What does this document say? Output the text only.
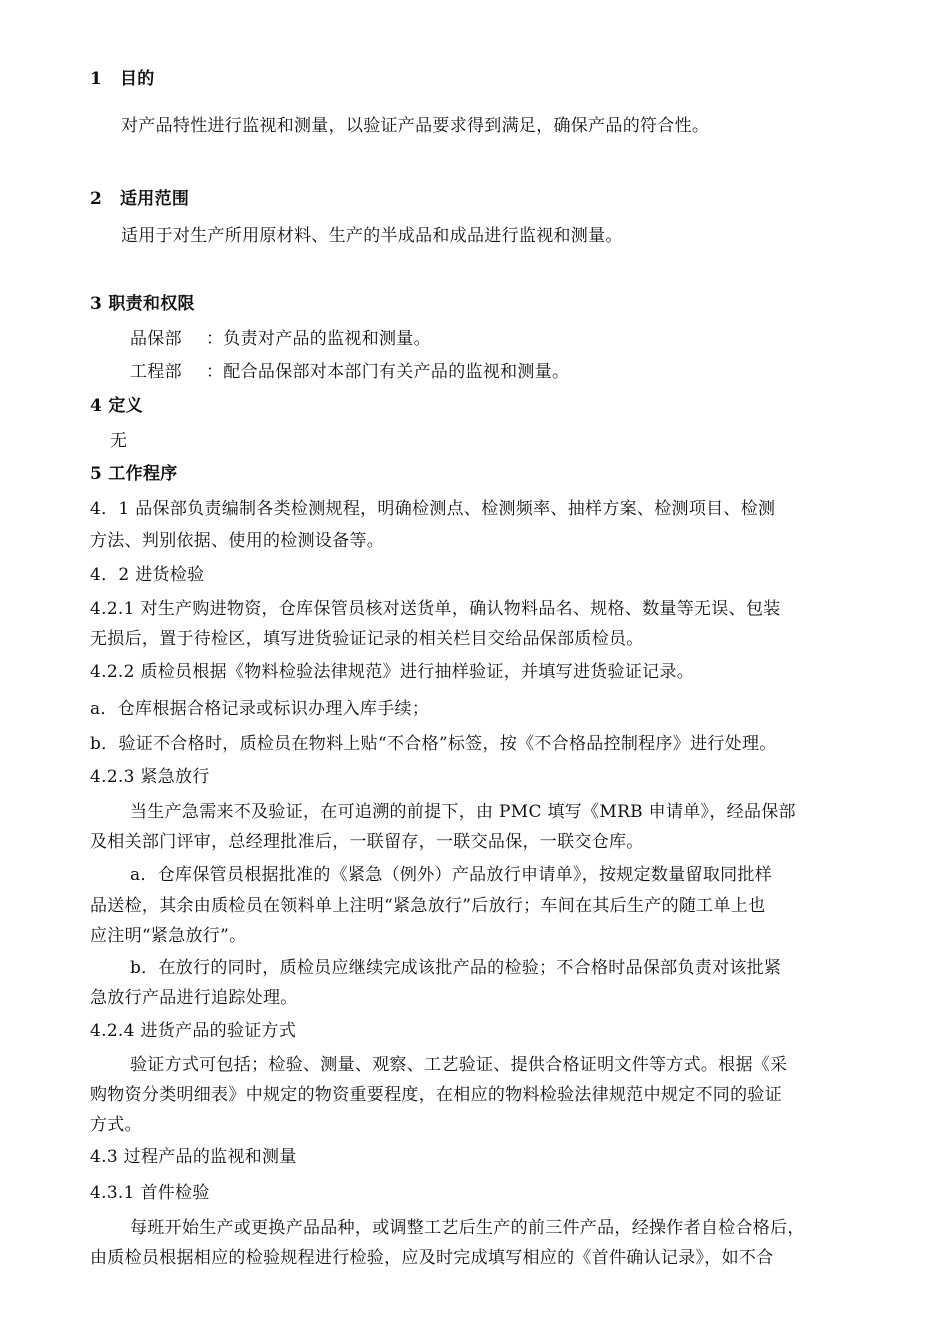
1 目的
对产品特性进行监视和测量，以验证产品要求得到满足，确保产品的符合性。
2 适用范围
适用于对生产所用原材料、生产的半成品和成品进行监视和测量。
3 职责和权限
品保部 ：负责对产品的监视和测量。
工程部 ：配合品保部对本部门有关产品的监视和测量。
4 定义
无
5 工作程序
4．1 品保部负责编制各类检测规程，明确检测点、检测频率、抽样方案、检测项目、检测
方法、判别依据、使用的检测设备等。
4．2 进货检验
4.2.1 对生产购进物资，仓库保管员核对送货单，确认物料品名、规格、数量等无误、包装
无损后，置于待检区，填写进货验证记录的相关栏目交给品保部质检员。
4.2.2 质检员根据《物料检验法律规范》进行抽样验证，并填写进货验证记录。
a．仓库根据合格记录或标识办理入库手续；
b．验证不合格时，质检员在物料上贴“不合格”标签，按《不合格品控制程序》进行处理。
4.2.3 紧急放行
当生产急需来不及验证，在可追溯的前提下，由 PMC 填写《MRB 申请单》，经品保部
及相关部门评审，总经理批准后，一联留存，一联交品保，一联交仓库。
a．仓库保管员根据批准的《紧急（例外）产品放行申请单》，按规定数量留取同批样
品送检，其余由质检员在领料单上注明“紧急放行”后放行；车间在其后生产的随工单上也
应注明“紧急放行”。
b．在放行的同时，质检员应继续完成该批产品的检验；不合格时品保部负责对该批紧
急放行产品进行追踪处理。
4.2.4 进货产品的验证方式
验证方式可包括；检验、测量、观察、工艺验证、提供合格证明文件等方式。根据《采
购物资分类明细表》中规定的物资重要程度，在相应的物料检验法律规范中规定不同的验证
方式。
4.3 过程产品的监视和测量
4.3.1 首件检验
每班开始生产或更换产品品种，或调整工艺后生产的前三件产品，经操作者自检合格后，
由质检员根据相应的检验规程进行检验，应及时完成填写相应的《首件确认记录》，如不合
